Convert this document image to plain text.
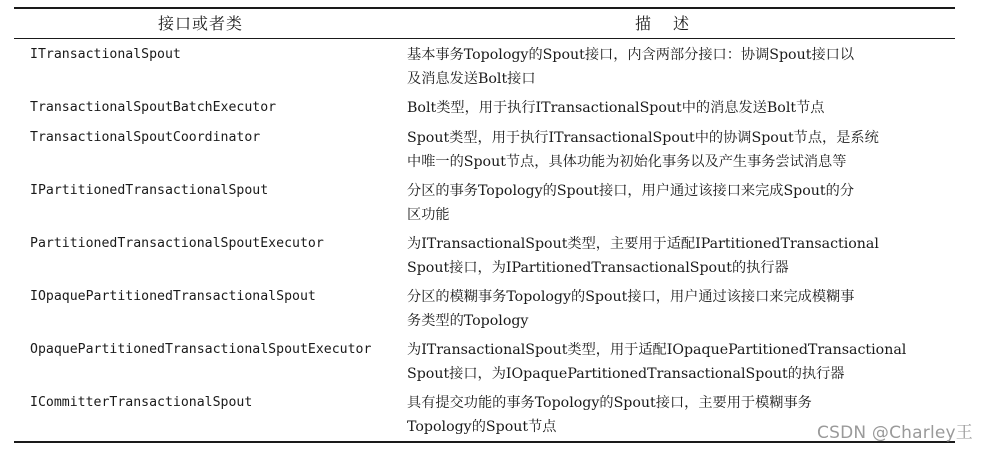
接口或者类	描述
ITransactionalSpout	基本事务Topology的Spout接口，内含两部分接口：协调Spout接口以
及消息发送Bolt接口
TransactionalSpoutBatchExecutor	Bolt类型，用于执行ITransactionalSpout中的消息发送Bolt节点
TransactionalSpoutCoordinator	Spout类型，用于执行ITransactionalSpout中的协调Spout节点，是系统
中唯一的Spout节点，具体功能为初始化事务以及产生事务尝试消息等
IPartitionedTransactionalSpout	分区的事务Topology的Spout接口，用户通过该接口来完成Spout的分
区功能
PartitionedTransactionalSpoutExecutor	为ITransactionalSpout类型，主要用于适配IPartitionedTransactional
Spout接口，为IPartitionedTransactionalSpout的执行器
IOpaquePartitionedTransactionalSpout	分区的模糊事务Topology的Spout接口，用户通过该接口来完成模糊事
务类型的Topology
OpaquePartitionedTransactionalSpoutExecutor	为ITransactionalSpout类型，用于适配IOpaquePartitionedTransactional
Spout接口，为IOpaquePartitionedTransactionalSpout的执行器
ICommitterTransactionalSpout	具有提交功能的事务Topology的Spout接口，主要用于模糊事务
Topology的Spout节点	CSDN @Charley王
